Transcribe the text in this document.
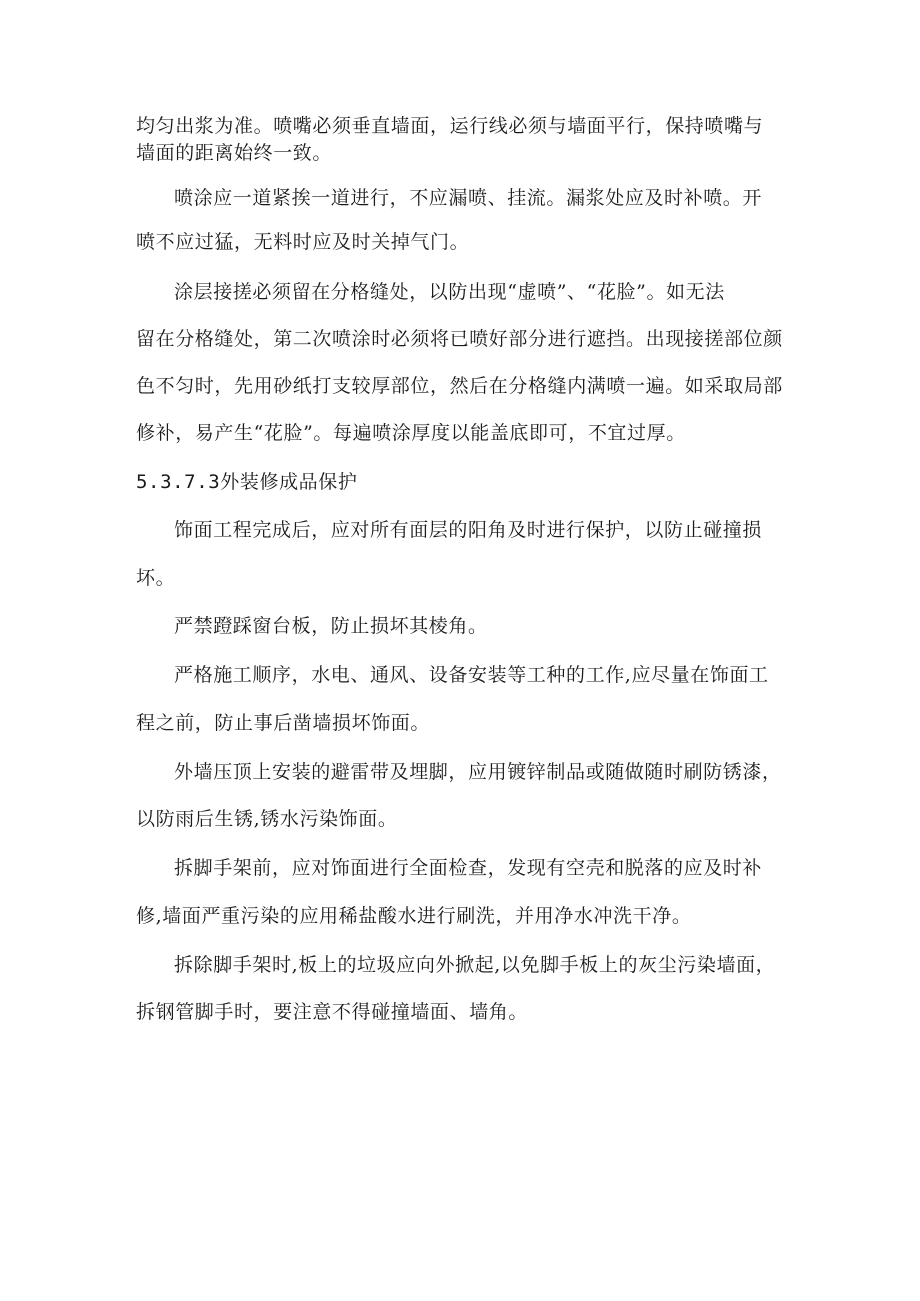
均匀出浆为准。喷嘴必须垂直墙面，运行线必须与墙面平行，保持喷嘴与
墙面的距离始终一致。
喷涂应一道紧挨一道进行，不应漏喷、挂流。漏浆处应及时补喷。开
喷不应过猛，无料时应及时关掉气门。
涂层接搓必须留在分格缝处，以防出现“虚喷”、“花脸”。如无法
留在分格缝处，第二次喷涂时必须将已喷好部分进行遮挡。出现接搓部位颜
色不匀时，先用砂纸打支较厚部位，然后在分格缝内满喷一遍。如采取局部
修补，易产生“花脸”。每遍喷涂厚度以能盖底即可，不宜过厚。
5.3.7.3外装修成品保护
饰面工程完成后，应对所有面层的阳角及时进行保护，以防止碰撞损
坏。
严禁蹬踩窗台板，防止损坏其棱角。
严格施工顺序，水电、通风、设备安装等工种的工作,应尽量在饰面工
程之前，防止事后凿墙损坏饰面。
外墙压顶上安装的避雷带及埋脚，应用镀锌制品或随做随时刷防锈漆，
以防雨后生锈,锈水污染饰面。
拆脚手架前，应对饰面进行全面检查，发现有空壳和脱落的应及时补
修,墙面严重污染的应用稀盐酸水进行刷洗，并用净水冲洗干净。
拆除脚手架时,板上的垃圾应向外掀起,以免脚手板上的灰尘污染墙面，
拆钢管脚手时，要注意不得碰撞墙面、墙角。
